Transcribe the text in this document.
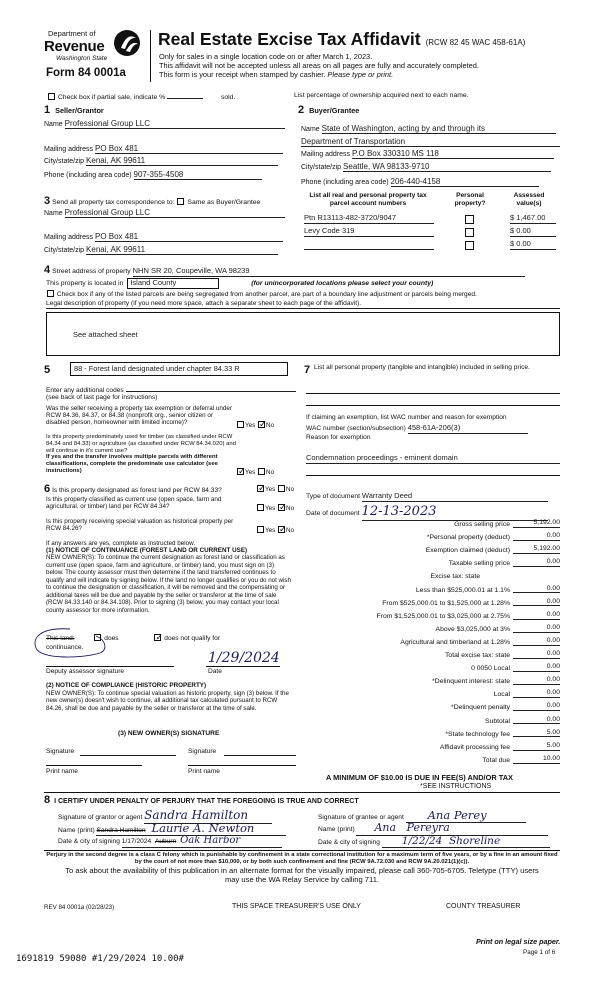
Department of
Revenue
Washington State
Form 84 0001a
Real Estate Excise Tax Affidavit (RCW 82 45 WAC 458-61A)
Only for sales in a single location code on or after March 1, 2023.
This affidavit will not be accepted unless all areas on all pages are fully and accurately completed.
This form is your receipt when stamped by cashier. Please type or print.
Check box if partial sale, indicate %	sold.	List percentage of ownership acquired next to each name.
1 Seller/Grantor
Name Professional Group LLC
Mailing address PO Box 481
City/state/zip Kenai, AK 99611
Phone (including area code) 907-355-4508
2 Buyer/Grantee
Name State of Washington, acting by and through its
Department of Transportation
Mailing address P.O Box 330310 MS 118
City/state/zip Seattle, WA 98133-9710
Phone (including area code) 206-440-4158
3 Send all property tax correspondence to: Same as Buyer/Grantee
Name Professional Group LLC
Mailing address PO Box 481
City/state/zip Kenai, AK 99611
List all real and personal property tax parcel account numbers
Personal property?
Assessed value(s)
Ptn R13113-482-3720/9047	$ 1,467.00
Levy Code 319	$ 0.00
$ 0.00
4 Street address of property NHN SR 20, Coupeville, WA 98239
This property is located in Island County	(for unincorporated locations please select your county)
Check box if any of the listed parcels are being segregated from another parcel, are part of a boundary line adjustment or parcels being merged.
Legal description of property (if you need more space, attach a separate sheet to each page of the affidavit).
See attached sheet
5	88 - Forest land designated under chapter 84.33 R
Enter any additional codes
(see back of last page for instructions)
Was the seller receiving a property tax exemption or deferral under RCW 84.36, 84.37, or 84.38 (nonprofit org., senior citizen or disabled person, homeowner with limited income)?	Yes ✓ No
Is this property predominately used for timber (as classified under RCW 84.34 and 84.33) or agriculture (as classified under RCW 84.34.020) and will continue in it's current use?
If yes and the transfer involves multiple parcels with different classifications, complete the predominate use calculator (see instructions) ✓	Yes No
6 Is this property designated as forest land per RCW 84.33? ✓	Yes No
Is this property classified as current use (open space, farm and agricultural, or timber) land per RCW 84.34?	Yes ✓ No
Is this property receiving special valuation as historical property per RCW 84.26?	Yes ✓ No
If any answers are yes, complete as instructed below.
(1) NOTICE OF CONTINUANCE (FOREST LAND OR CURRENT USE)
NEW OWNER(S): To continue the current designation as forest land or classification as current use (open space, farm and agriculture, or timber) land, you must sign on (3) below. The county assessor must then determine if the land transferred continues to qualify and will indicate by signing below. If the land no longer qualifies or you do not wish to continue the designation or classification, it will be removed and the compensating or additional taxes will be due and payable by the seller or transferor at the time of sale (RCW 84.33.140 or 84.34.108). Prior to signing (3) below, you may contact your local county assessor for more information.
This land:	does ✓	does not qualify for
continuance.
1/29/2024
Deputy assessor signature	Date
(2) NOTICE OF COMPLIANCE (HISTORIC PROPERTY)
NEW OWNER(S): To continue special valuation as historic property, sign (3) below. If the new owner(s) doesn't wish to continue, all additional tax calculated pursuant to RCW 84.26, shall be due and payable by the seller or transferor at the time of sale.
(3) NEW OWNER(S) SIGNATURE
Signature	Signature
Print name	Print name
7 List all personal property (tangible and intangible) included in selling price.
If claiming an exemption, list WAC number and reason for exemption
WAC number (section/subsection) 458-61A-206(3)
Reason for exemption
Condemnation proceedings - eminent domain
Type of document Warranty Deed
Date of document 12-13-2023
Gross selling price	5,192.00
*Personal property (deduct)	0.00
Exemption claimed (deduct)	5,192.00
Taxable selling price	0.00
Excise tax: state
Less than $525,000.01 at 1.1%	0.00
From $525,000.01 to $1,525,000 at 1.28%	0.00
From $1,525,000.01 to $3,025,000 at 2.75%	0.00
Above $3,025,000 at 3%	0.00
Agricultural and timberland at 1.28%	0.00
Total excise tax: state	0.00
0 0050 Local	0.00
*Delinquent interest: state	0.00
Local	0.00
*Delinquent penalty	0.00
Subtotal	0.00
*State technology fee	5.00
Affidavit processing fee	5.00
Total due	10.00
A MINIMUM OF $10.00 IS DUE IN FEE(S) AND/OR TAX
*SEE INSTRUCTIONS
8 I CERTIFY UNDER PENALTY OF PERJURY THAT THE FOREGOING IS TRUE AND CORRECT
Signature of grantor or agent Sandra Hamilton
Name (print) Sandra Hamilton Laurie A. Newton
Date & city of signing 1/17/2024 Auburn Oak Harbor
Signature of grantee or agent Ana Perey
Name (print) Ana   Pereyra
Date & city of signing 1/22/24  Shoreline
Perjury in the second degree is a class C felony which is punishable by confinement in a state correctional institution for a maximum term of five years, or by a fine in an amount fixed by the court of not more than $10,000, or by both such confinement and fine (RCW 9A.72.030 and RCW 9A.20.021(1)(c)).
To ask about the availability of this publication in an alternate format for the visually impaired, please call 360-705-6705. Teletype (TTY) users may use the WA Relay Service by calling 711.
REV 84 0001a (02/28/23)	THIS SPACE TREASURER'S USE ONLY	COUNTY TREASURER
Print on legal size paper.
Page 1 of 6
1691819 59080 #1/29/2024 10.00#
